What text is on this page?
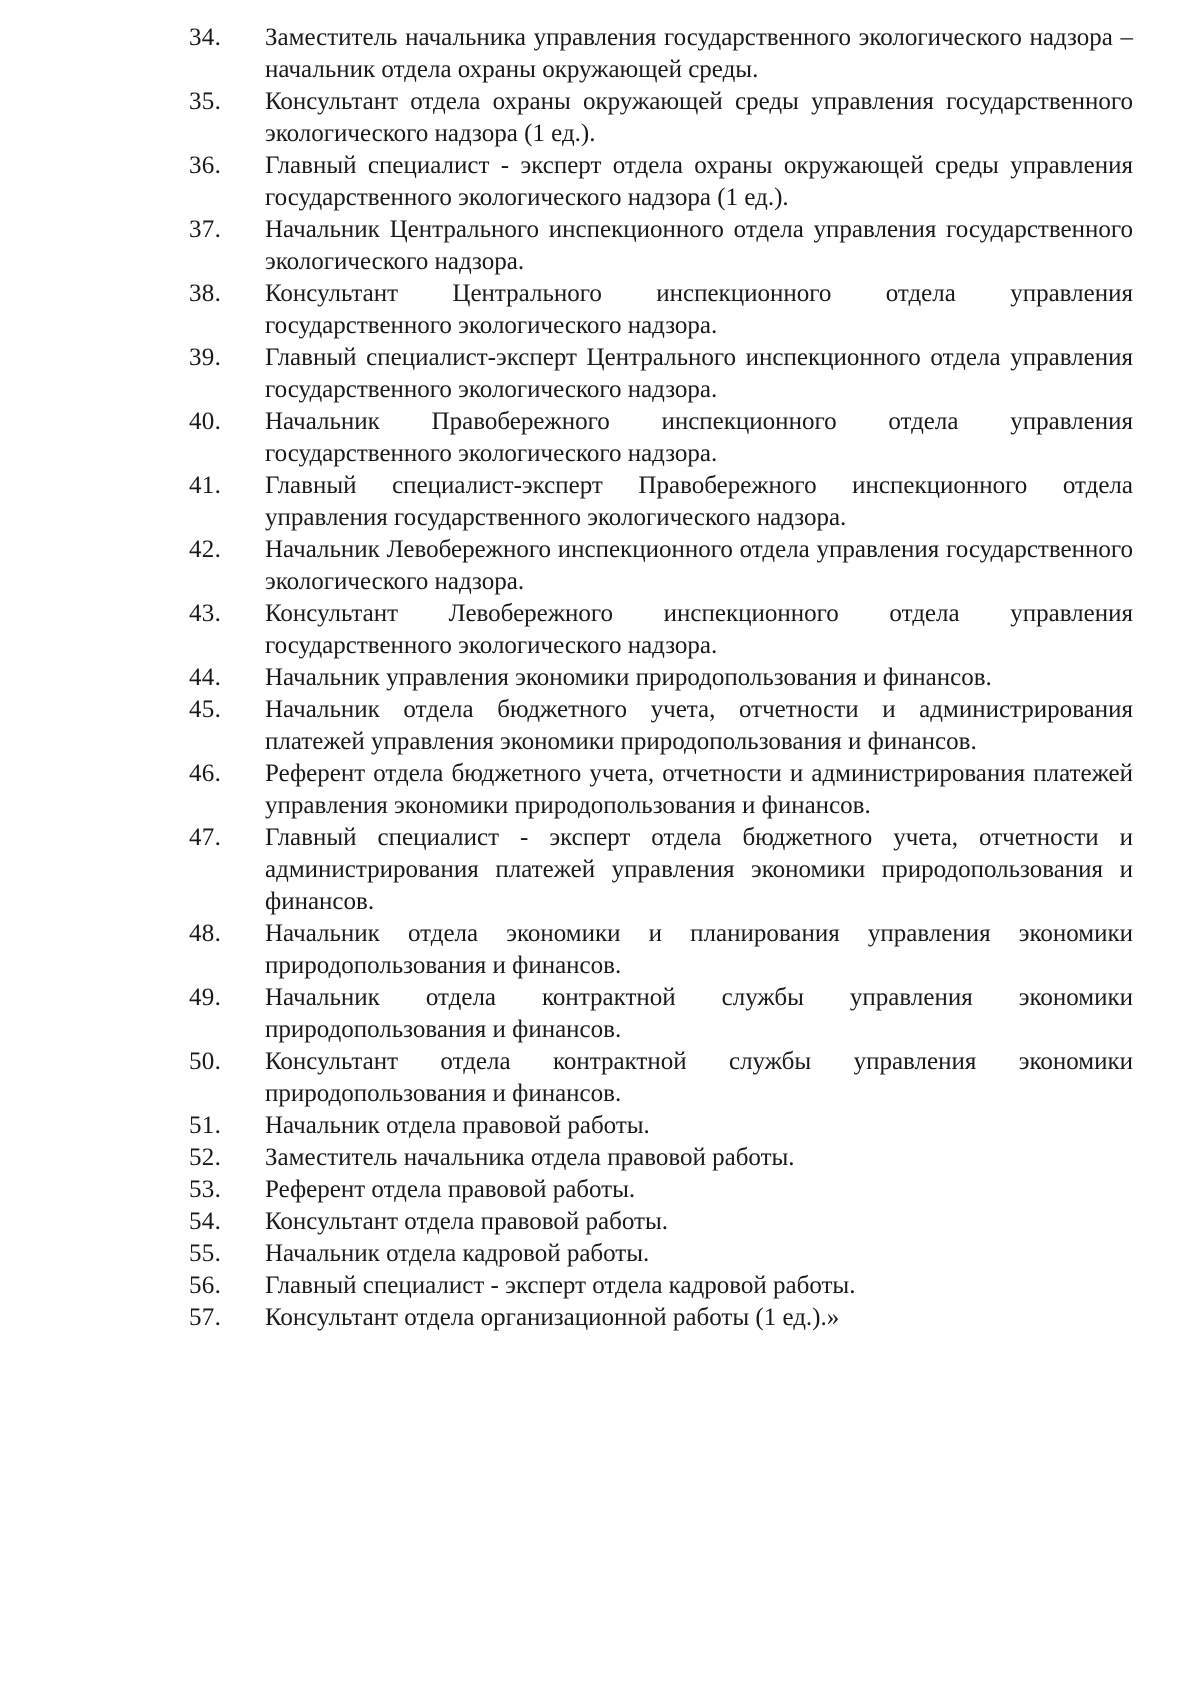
34. Заместитель начальника управления государственного экологического надзора – начальник отдела охраны окружающей среды.
35. Консультант отдела охраны окружающей среды управления государственного экологического надзора (1 ед.).
36. Главный специалист - эксперт отдела охраны окружающей среды управления государственного экологического надзора (1 ед.).
37. Начальник Центрального инспекционного отдела управления государственного экологического надзора.
38. Консультант Центрального инспекционного отдела управления государственного экологического надзора.
39. Главный специалист-эксперт Центрального инспекционного отдела управления государственного экологического надзора.
40. Начальник Правобережного инспекционного отдела управления государственного экологического надзора.
41. Главный специалист-эксперт Правобережного инспекционного отдела управления государственного экологического надзора.
42. Начальник Левобережного инспекционного отдела управления государственного экологического надзора.
43. Консультант Левобережного инспекционного отдела управления государственного экологического надзора.
44. Начальник управления экономики природопользования и финансов.
45. Начальник отдела бюджетного учета, отчетности и администрирования платежей управления экономики природопользования и финансов.
46. Референт отдела бюджетного учета, отчетности и администрирования платежей управления экономики природопользования и финансов.
47. Главный специалист - эксперт отдела бюджетного учета, отчетности и администрирования платежей управления экономики природопользования и финансов.
48. Начальник отдела экономики и планирования управления экономики природопользования и финансов.
49. Начальник отдела контрактной службы управления экономики природопользования и финансов.
50. Консультант отдела контрактной службы управления экономики природопользования и финансов.
51. Начальник отдела правовой работы.
52. Заместитель начальника отдела правовой работы.
53. Референт отдела правовой работы.
54. Консультант отдела правовой работы.
55. Начальник отдела кадровой работы.
56. Главный специалист - эксперт отдела кадровой работы.
57. Консультант отдела организационной работы (1 ед.).»
